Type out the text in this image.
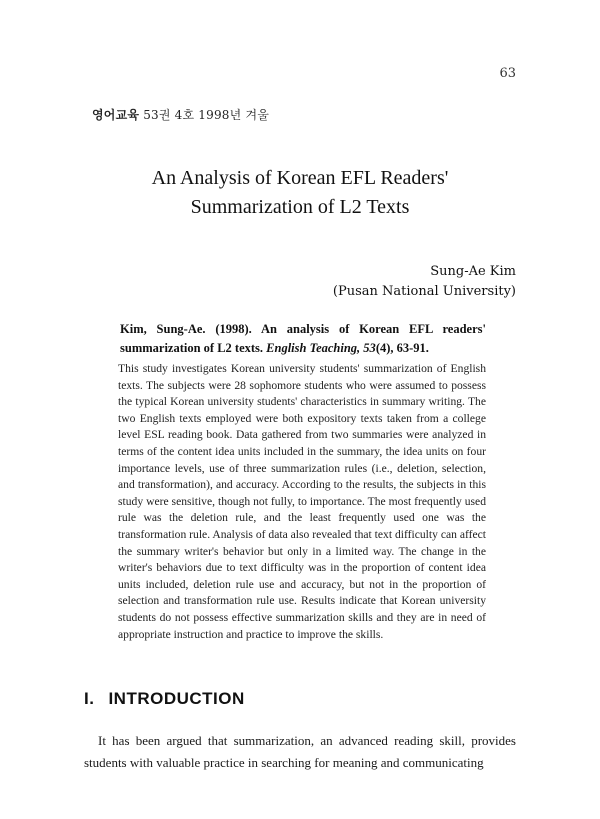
63
영어교육 53권 4호 1998년 겨울
An Analysis of Korean EFL Readers'
Summarization of L2 Texts
Sung-Ae Kim
(Pusan National University)
Kim, Sung-Ae. (1998). An analysis of Korean EFL readers' summarization of L2 texts. English Teaching, 53(4), 63-91.

This study investigates Korean university students' summarization of English texts. The subjects were 28 sophomore students who were assumed to possess the typical Korean university students' characteristics in summary writing. The two English texts employed were both expository texts taken from a college level ESL reading book. Data gathered from two summaries were analyzed in terms of the content idea units included in the summary, the idea units on four importance levels, use of three summarization rules (i.e., deletion, selection, and transformation), and accuracy. According to the results, the subjects in this study were sensitive, though not fully, to importance. The most frequently used rule was the deletion rule, and the least frequently used one was the transformation rule. Analysis of data also revealed that text difficulty can affect the summary writer's behavior but only in a limited way. The change in the writer's behaviors due to text difficulty was in the proportion of content idea units included, deletion rule use and accuracy, but not in the proportion of selection and transformation rule use. Results indicate that Korean university students do not possess effective summarization skills and they are in need of appropriate instruction and practice to improve the skills.

I. INTRODUCTION

It has been argued that summarization, an advanced reading skill, provides students with valuable practice in searching for meaning and communicating
